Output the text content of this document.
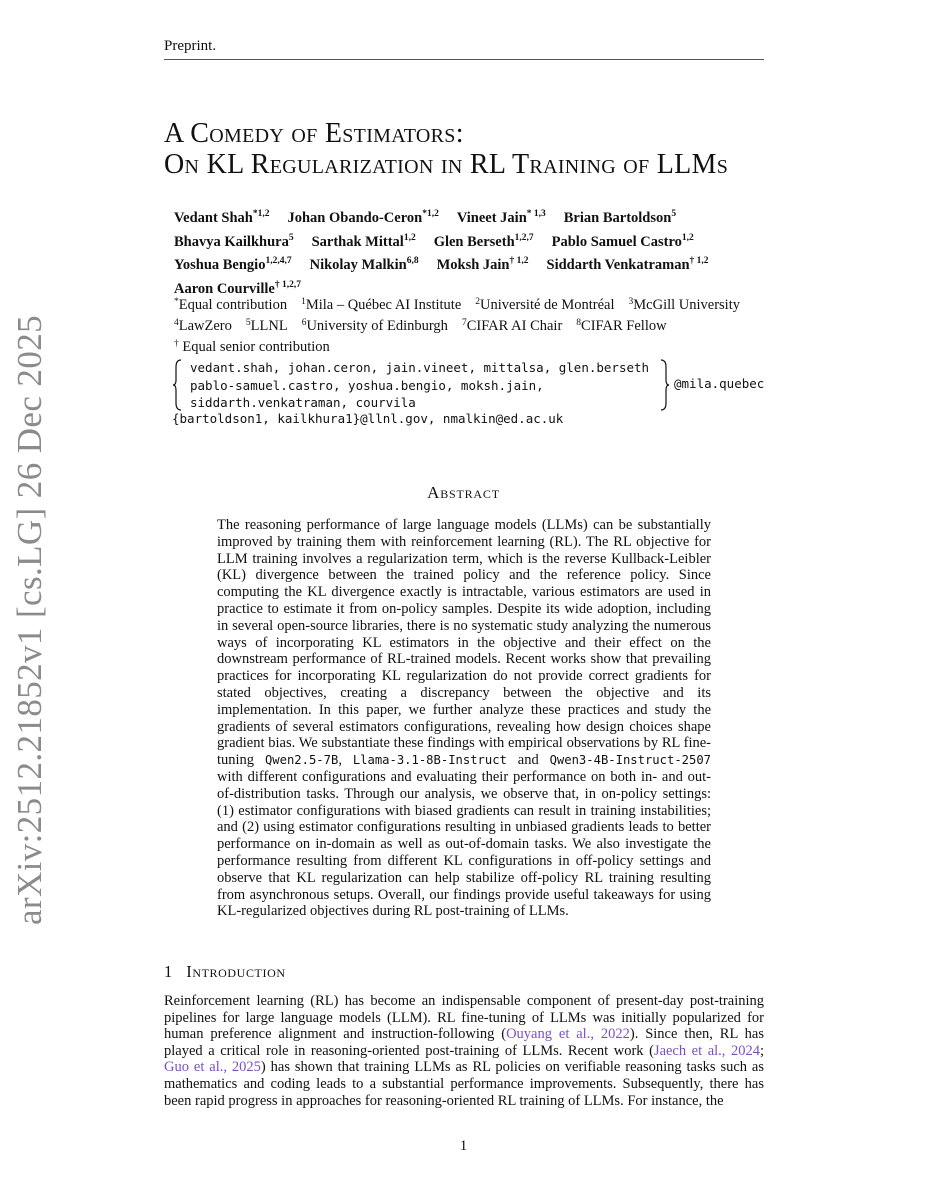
Preprint.
arXiv:2512.21852v1 [cs.LG] 26 Dec 2025
A Comedy of Estimators:
On KL Regularization in RL Training of LLMs
Vedant Shah$^{*1,2}$ Johan Obando-Ceron$^{*1,2}$ Vineet Jain$^{* 1,3}$ Brian Bartoldson$^5$
Bhavya Kailkhura$^5$ Sarthak Mittal$^{1,2}$ Glen Berseth$^{1,2,7}$ Pablo Samuel Castro$^{1,2}$
Yoshua Bengio$^{1,2,4,7}$ Nikolay Malkin$^{6,8}$ Moksh Jain$^{\dagger 1,2}$ Siddarth Venkatraman$^{\dagger 1,2}$
Aaron Courville$^{\dagger 1,2,7}$
*Equal contribution $^1$Mila – Québec AI Institute $^2$Université de Montréal $^3$McGill University
$^4$LawZero $^5$LLNL $^6$University of Edinburgh $^7$CIFAR AI Chair $^8$CIFAR Fellow
† Equal senior contribution
vedant.shah, johan.ceron, jain.vineet, mittalsa, glen.berseth
pablo-samuel.castro, yoshua.bengio, moksh.jain,
siddarth.venkatraman, courvila
@mila.quebec
{bartoldson1, kailkhura1}@llnl.gov, nmalkin@ed.ac.uk
Abstract
The reasoning performance of large language models (LLMs) can be substantially improved by training them with reinforcement learning (RL). The RL objective for LLM training involves a regularization term, which is the reverse Kullback-Leibler (KL) divergence between the trained policy and the reference policy. Since computing the KL divergence exactly is intractable, various estimators are used in practice to estimate it from on-policy samples. Despite its wide adoption, including in several open-source libraries, there is no systematic study analyzing the numerous ways of incorporating KL estimators in the objective and their effect on the downstream performance of RL-trained models. Recent works show that prevailing practices for incorporating KL regularization do not provide correct gradients for stated objectives, creating a discrepancy between the objective and its implementation. In this paper, we further analyze these practices and study the gradients of several estimators configurations, revealing how design choices shape gradient bias. We substantiate these findings with empirical observations by RL fine-tuning Qwen2.5-7B, Llama-3.1-8B-Instruct and Qwen3-4B-Instruct-2507 with different configurations and evaluating their performance on both in- and out-of-distribution tasks. Through our analysis, we observe that, in on-policy settings: (1) estimator configurations with biased gradients can result in training instabilities; and (2) using estimator configurations resulting in unbiased gradients leads to better performance on in-domain as well as out-of-domain tasks. We also investigate the performance resulting from different KL configurations in off-policy settings and observe that KL regularization can help stabilize off-policy RL training resulting from asynchronous setups. Overall, our findings provide useful takeaways for using KL-regularized objectives during RL post-training of LLMs.
1 Introduction
Reinforcement learning (RL) has become an indispensable component of present-day post-training pipelines for large language models (LLM). RL fine-tuning of LLMs was initially popularized for human preference alignment and instruction-following (Ouyang et al., 2022). Since then, RL has played a critical role in reasoning-oriented post-training of LLMs. Recent work (Jaech et al., 2024; Guo et al., 2025) has shown that training LLMs as RL policies on verifiable reasoning tasks such as mathematics and coding leads to a substantial performance improvements. Subsequently, there has been rapid progress in approaches for reasoning-oriented RL training of LLMs. For instance, the
1
